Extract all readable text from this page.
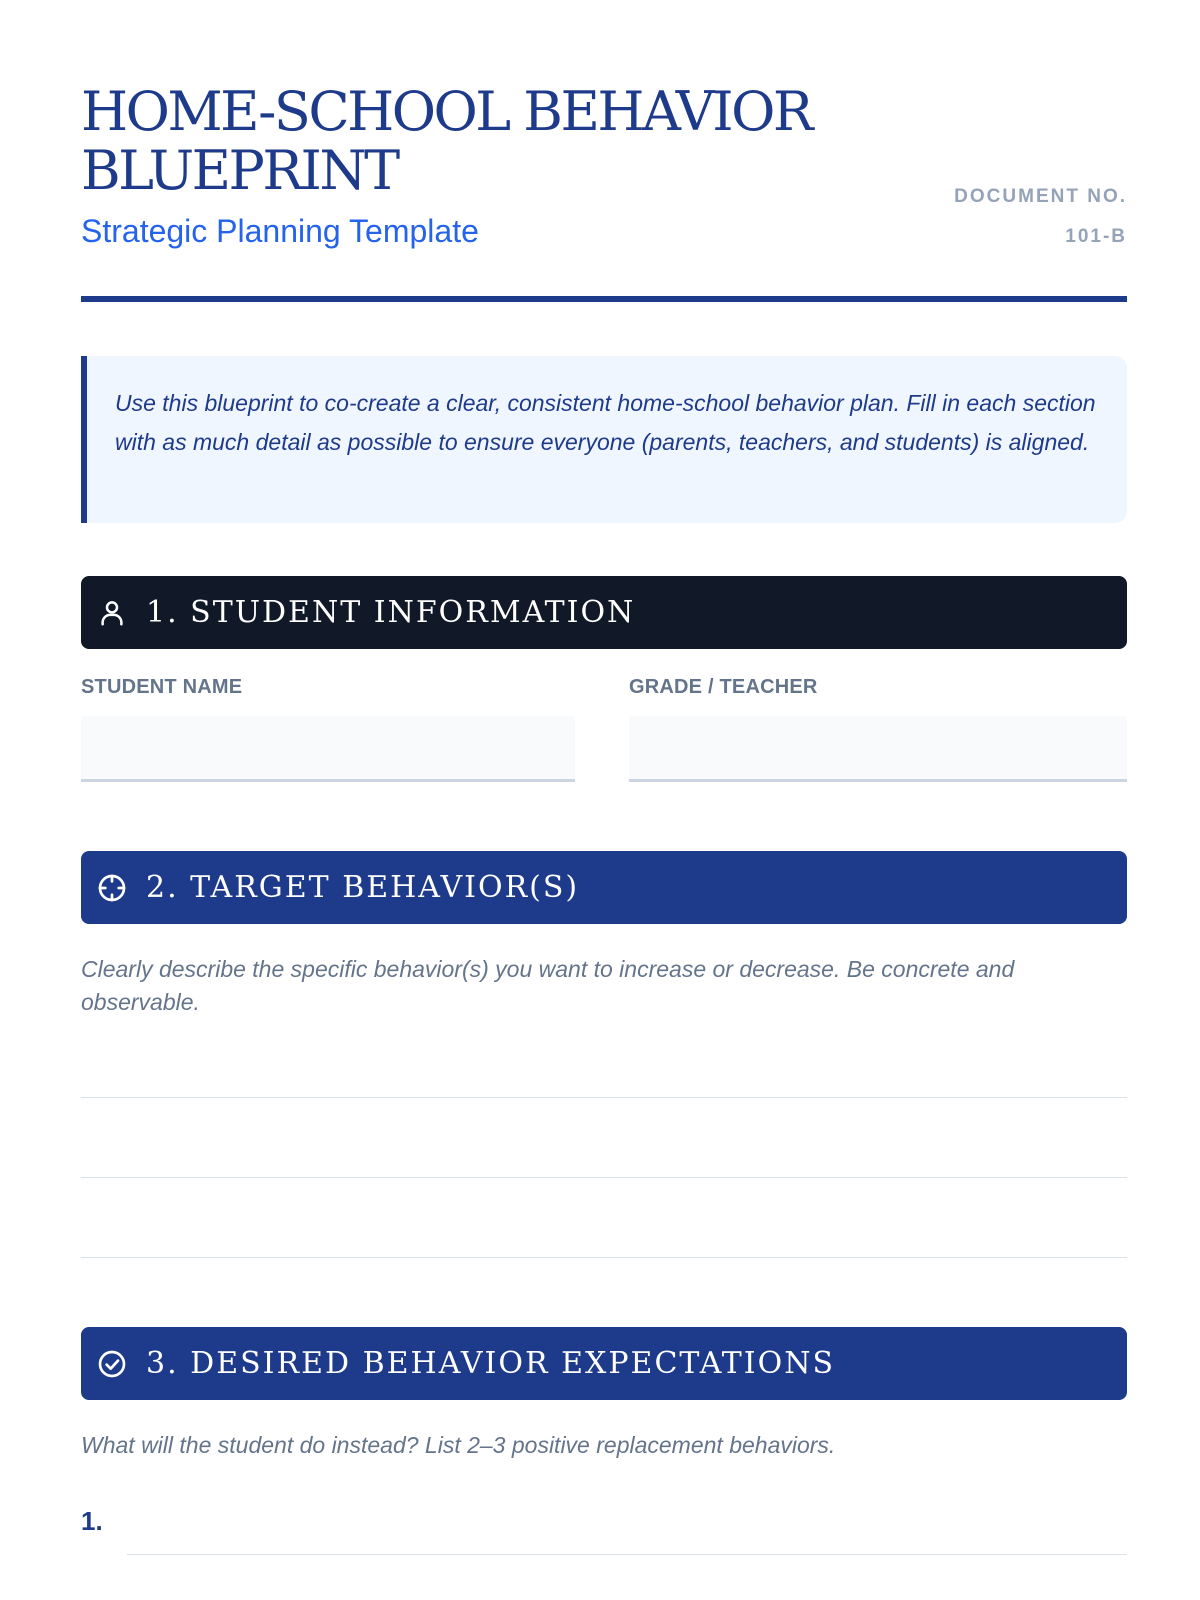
HOME-SCHOOL BEHAVIOR BLUEPRINT
Strategic Planning Template
DOCUMENT NO.
101-B

Use this blueprint to co-create a clear, consistent home-school behavior plan. Fill in each section with as much detail as possible to ensure everyone (parents, teachers, and students) is aligned.

1. STUDENT INFORMATION
STUDENT NAME	GRADE / TEACHER
2. TARGET BEHAVIOR(S)

Clearly describe the specific behavior(s) you want to increase or decrease. Be concrete and observable.

3. DESIRED BEHAVIOR EXPECTATIONS

What will the student do instead? List 2–3 positive replacement behaviors.

1.
